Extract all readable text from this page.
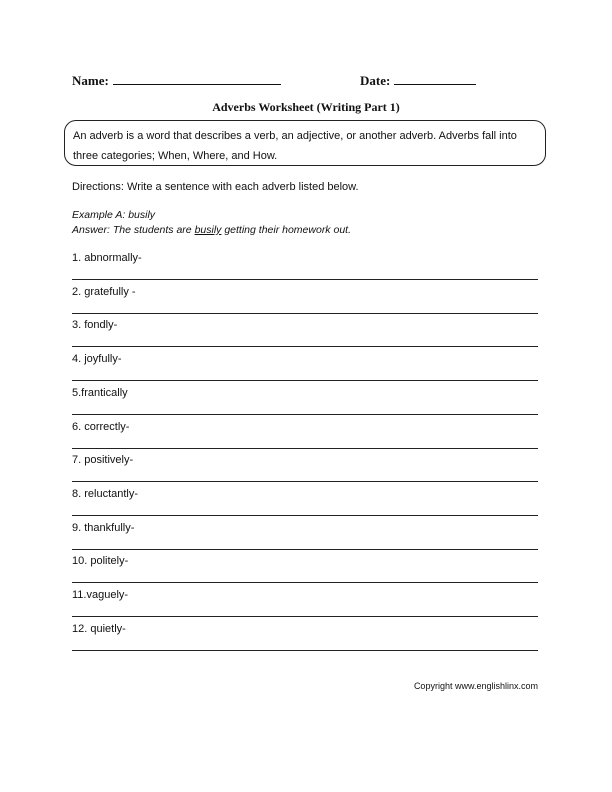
Name:	Date:
Adverbs Worksheet (Writing Part 1)
An adverb is a word that describes a verb, an adjective, or another adverb. Adverbs fall into three categories; When, Where, and How.
Directions: Write a sentence with each adverb listed below.
Example A: busily
Answer: The students are busily getting their homework out.
1. abnormally-
2. gratefully -
3. fondly-
4. joyfully-
5.frantically
6. correctly-
7. positively-
8. reluctantly-
9. thankfully-
10. politely-
11.vaguely-
12. quietly-
Copyright www.englishlinx.com
